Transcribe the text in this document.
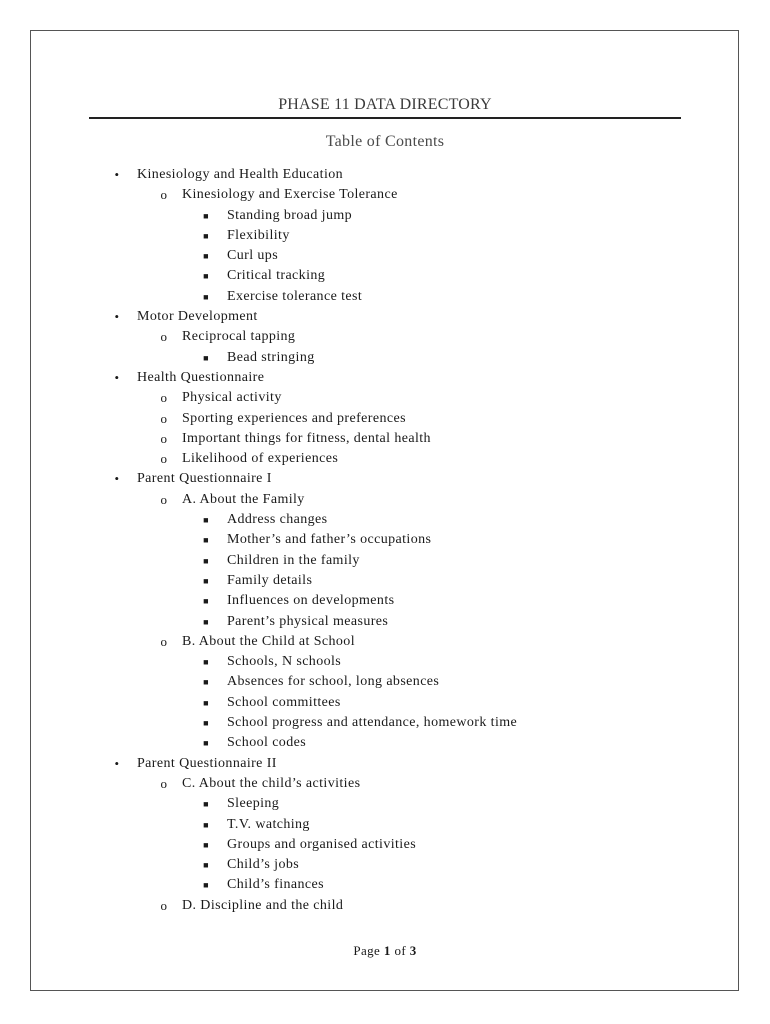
PHASE 11 DATA DIRECTORY
Table of Contents
•	Kinesiology and Health Education
o Kinesiology and Exercise Tolerance
■ Standing broad jump
■ Flexibility
■ Curl ups
■ Critical tracking
■ Exercise tolerance test
•	Motor Development
o Reciprocal tapping
■ Bead stringing
•	Health Questionnaire
o Physical activity
o Sporting experiences and preferences
o Important things for fitness, dental health
o Likelihood of experiences
•	Parent Questionnaire I
o A. About the Family
■ Address changes
■ Mother’s and father’s occupations
■ Children in the family
■ Family details
■ Influences on developments
■ Parent’s physical measures
o B. About the Child at School
■ Schools, N schools
■ Absences for school, long absences
■ School committees
■ School progress and attendance, homework time
■ School codes
•	Parent Questionnaire II
o C. About the child’s activities
■ Sleeping
■ T.V. watching
■ Groups and organised activities
■ Child’s jobs
■ Child’s finances
o D. Discipline and the child
Page 1 of 3
